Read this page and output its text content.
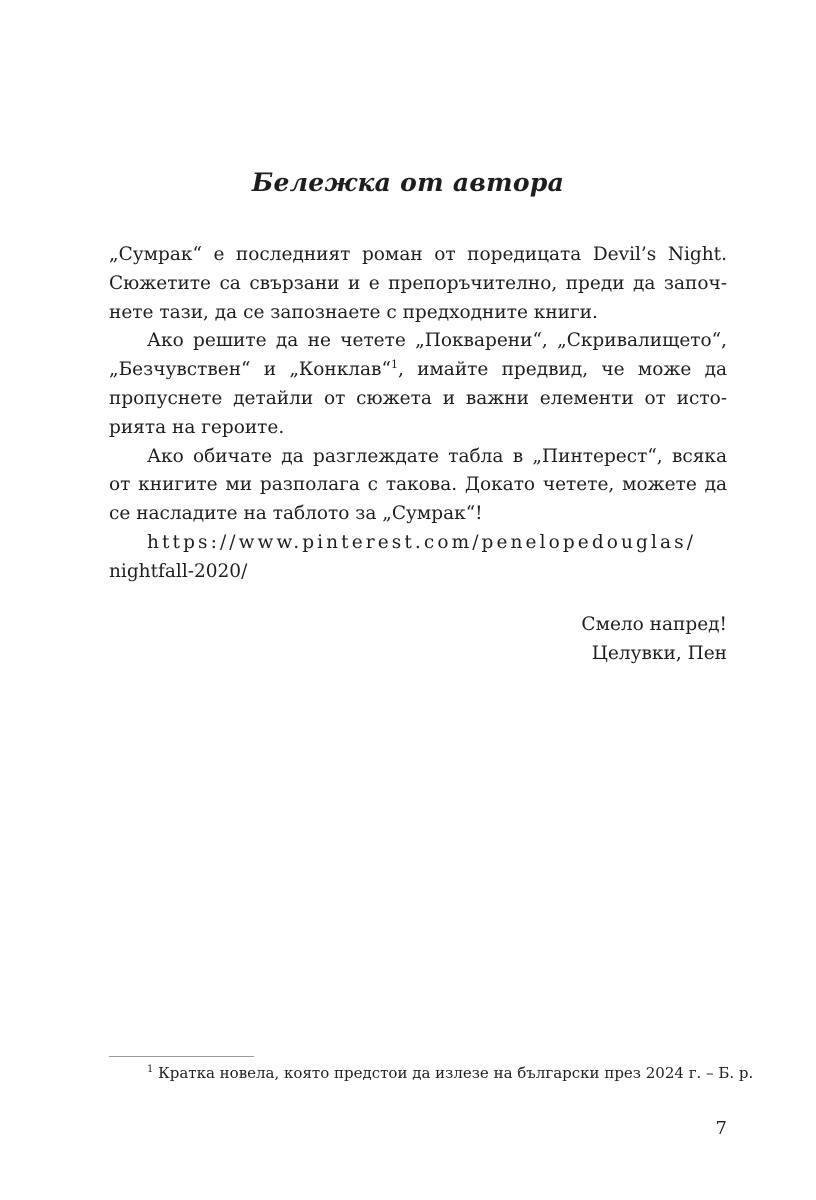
Бележка от автора
„Сумрак“ е последният роман от поредицата Devil’s Night.
Сюжетите са свързани и е препоръчително, преди да започ-
нете тази, да се запознаете с предходните книги.
Ако решите да не четете „Покварени“, „Скривалището“,
„Безчувствен“ и „Конклав“$^1$, имайте предвид, че може да
пропуснете детайли от сюжета и важни елементи от исто-
рията на героите.
Ако обичате да разглеждате табла в „Пинтерест“, всяка
от книгите ми разполага с такова. Докато четете, можете да
се насладите на таблото за „Сумрак“!
https://www.pinterest.com/penelopedouglas/
nightfall-2020/
Смело напред!
Целувки, Пен
$^1$ Кратка новела, която предстои да излезе на български през 2024 г. – Б. р.
7
